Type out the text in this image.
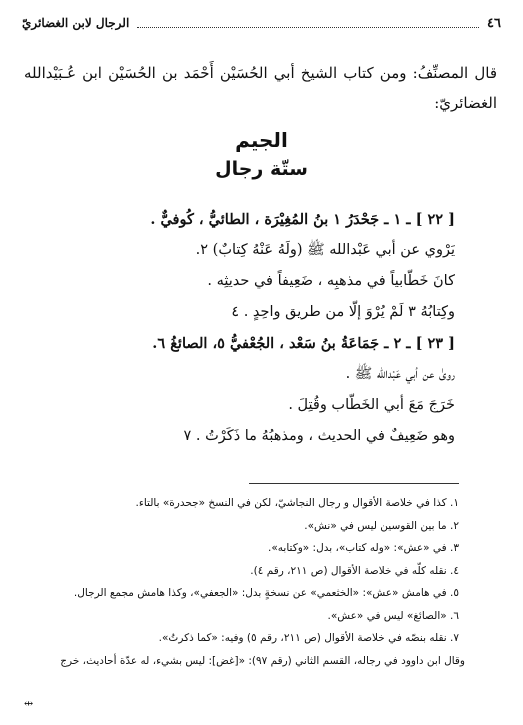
٤٦
الرجال لابن الغضائريّ
قال المصنِّفُ: ومن كتاب الشيخ أبي الحُسَيْن أَحْمَد بن الحُسَيْن ابن عُـبَيْدالله الغضائريّ:
الجيم
ستّة رجال
[ ٢٢ ] ـ ١ ـ جَحْدَرُ ١ بنُ المُغِيْرَة ، الطائيُّ ، كُوفيٌّ .
يَرْوي عن أبي عَبْدالله ﷺ (ولَهُ عَنْهُ كِتابٌ) ٢.
كانَ خَطّابياً في مذهبِه ، ضَعِيفاً في حديثِه .
وكِتابُهُ ٣ لَمْ يُرْوَ إلّا من طريق واحِدٍ . ٤
[ ٢٣ ] ـ ٢ ـ جَمَاعَةُ بنُ سَعْد ، الجُعْفيُّ ٥، الصائغُ ٦.
روىٰ عن أبي عَبْدالله ﷺ .
خَرَجَ مَعَ أبي الخَطّاب وقُتِلَ .
وهو ضَعِيفٌ في الحديث ، ومذهبُهُ ما ذَكَرْتُ . ٧
١. كذا في خلاصة الأقوال و رجال النجاشيّ، لكن في النسخ «جحدرة» بالتاء.
٢. ما بين القوسين ليس في «نش».
٣. في «عش»: «وله كتاب»، بدل: «وكتابه».
٤. نقله كلّه في خلاصة الأقوال (ص ٢١١، رقم ٤).
٥. في هامش «عش»: «الخثعمي» عن نسخةٍ بدل: «الجعفي»، وكذا هامش مجمع الرجال.
٦. «الصائغ» ليس في «عش».
٧. نقله بنصّه في خلاصة الأقوال (ص ٢١١، رقم ٥) وفيه: «كما ذكرتُ».
وقال ابن داوود في رجاله، القسم الثاني (رقم ٩٧): «[غض]: ليس بشيء، له عدّة أحاديث، خرج
⇹
